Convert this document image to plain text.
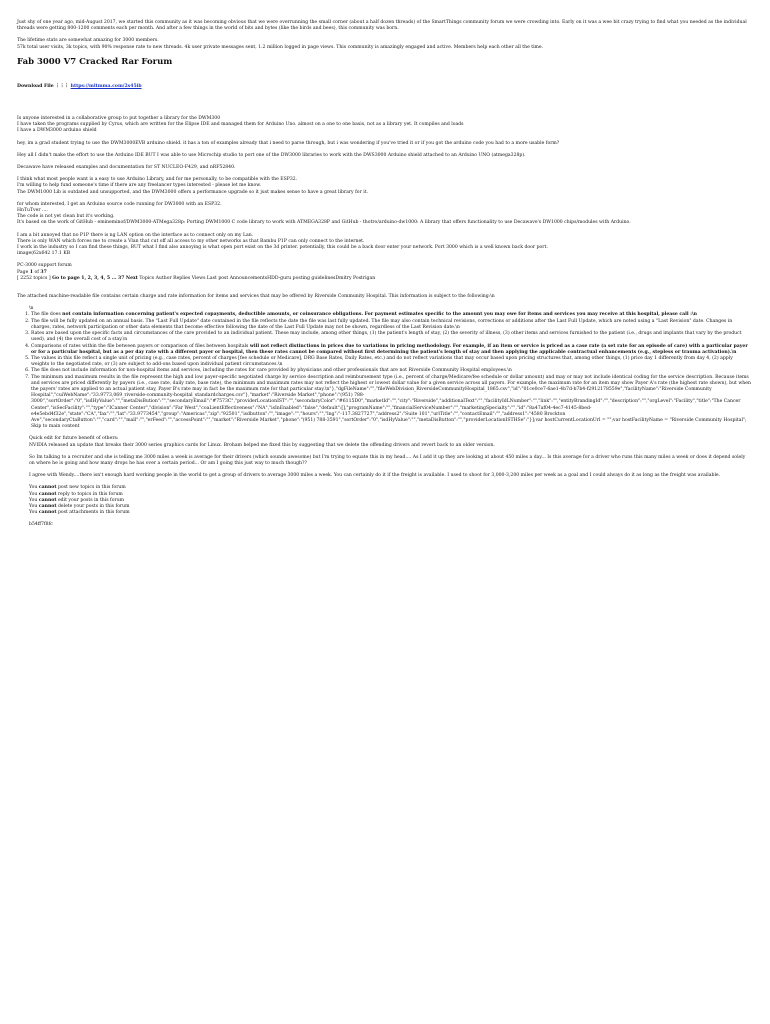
Just shy of one year ago, mid-August 2017, we started this community as it was becoming obvious that we were overrunning the small corner (about a half dozen threads) of the SmartThings community forum we were crowding into. Early on it was a wee bit crazy trying to find what you needed as the individual threads were getting 800-1200 comments each per month. And after a few things in the world of bits and bytes (like the birds and bees), this community was born.

The lifetime stats are somewhat amazing for 3000 members.

57k total user visits, 3k topics, with 90% response rate to new threads. 4k user private messages sent, 1.2 million logged in page views. This community is amazingly engaged and active. Members help each other all the time.

Fab 3000 V7 Cracked Rar Forum

Download File ⋮⋮⋮ https://mltmma.com/2s45ib

Is anyone interested in a collaborative group to put together a library for the DWM300

I have taken the programs supplied by Cyrus, which are written for the Elipse IDE and managed them for Arduino Uno. almost on a one to one basis, not as a library yet. It compiles and loads

I have a DWM3000 arduino shield

hey, im a grad student trying to use the DWM3000EVB arduino shield. it has a ton of examples already that i need to parse through, but i was wondering if you've tried it or if you got the arduino code you had to a more usable form?

Hey all I didn't make the effort to use the Arduino IDE BUT I was able to use Microchip studio to port one of the DW3000 libraries to work with the DWS3000 Arduino shield attached to an Arduino UNO (atmega328p).

Decawave have released examples and documentation for ST NUCLEO-F429, and nRF52840.

I think what most people want is a easy to use Arduino Library, and for me personally, to be compatible with the ESP32.

I'm willing to help fund someone's time if there are any freelancer types interested - please let me know.

The DWM1000 Lib is outdated and unsupported, and the DWM3000 offers a performance upgrade so it just makes sense to have a great library for it.

for whom interested, I get an Arduino source code running for DW3000 with an ESP32.

HnTuTver ....

The code is not yet clean but it's working.

It's based on the work of GitHub - emineminof/DWM3000-ATMega328p: Porting DWM1000 C code library to work with ATMEGA328P and GitHub - thotro/arduino-dw1000: A library that offers functionality to use Decawave's DW1000 chips/modules with Arduino.

I am a bit annoyed that no P1P there is ng LAN option on the interface as to connect only on my Lan.

There is only WAN which forces me to create a Vlan that cut off all access to my other networks as that Bambu P1P can only connect to the internet.

I work in the industry so I can find these things, BUT what I find also annoying is what open port exist on the 3d printer. potentially, this could be a back door enter your network. Port 3000 which is a well known back door port.

image(62x642 17.1 KB

PC-3000 support forum

Page 1 of 37

[ 2252 topics ] Go to page 1, 2, 3, 4, 5 ... 37 Next Topics Author Replies Views Last post AnnouncementsHDD-guru posting guidelinesDmitry Postrigan

The attached machine-readable file contains certain charge and rate information for items and services that may be offered by Riverside Community Hospital. This information is subject to the following:\n

\n

1. The file does not contain information concerning patient's expected copayments, deductible amounts, or coinsurance obligations. For payment estimates specific to the amount you may owe for items and services you may receive at this hospital, please call :\n
2. The file will be fully updated on an annual basis. The "Last Full Update" date contained in the file reflects the date the file was last fully updated. The file may also contain technical revisions, corrections or additions after the Last Full Update, which are noted using a "Last Revision" date. Changes in charges, rates, network participation or other data elements that become effective following the date of the Last Full Update may not be shown, regardless of the Last Revision date.\n
3. Rates are based upon the specific facts and circumstances of the care provided to an individual patient. These may include, among other things, (1) the patient's length of stay, (2) the severity of illness, (3) other items and services furnished to the patient (i.e., drugs and implants that vary by the product used), and (4) the overall cost of a stay.\n
4. Comparisons of rates within the file between payers or comparison of files between hospitals will not reflect distinctions in prices due to variations in pricing methodology. For example, if an item or service is priced as a case rate (a set rate for an episode of care) with a particular payer or for a particular hospital, but as a per day rate with a different payer or hospital, then these rates cannot be compared without first determining the patient's length of stay and then applying the applicable contractual enhancements (e.g., stepless or trauma activation).\n
5. The values in this file reflect a single unit of pricing (e.g., case rates, percent of charges [fee schedule or Medicare], DRG Base Rates, Daily Rates, etc.) and do not reflect variations that may occur based upon pricing structures that, among other things, (1) price day 1 differently from day 4, (2) apply weights to the negotiated rate, or (3) are subject to add-ons based upon individual patient circumstances.\n
6. The file does not include information for non-hospital items and services, including the rates for care provided by physicians and other professionals that are not Riverside Community Hospital employees.\n
7. The minimum and maximum results in the file represent the high and low payer-specific negotiated charge by service description and reimbursement type (i.e., percent of charge/Medicare/fee schedule or dollar amount) and may or may not include identical coding for the service description. Because items and services are priced differently by payers (i.e., case rate, daily rate, base rate), the minimum and maximum rates may not reflect the highest or lowest dollar value for a given service across all payers. For example, the maximum rate for an item may show Payer A's rate (the highest rate shown), but when the payers' rates are applied to an actual patient stay, Payer B's rate may in fact be the maximum rate for that particular stay.\n"},"dgFileName":"","fileWebDivision_RiversideCommunityHospital_1865.csv","id":"01ce0ce7-6ae1-4b7d-b7b4-f2912178559e","facilityName":"Riverside Community Hospital","cuiWebName":"33.9773,069_riverside-community-hospital_standardcharges.csv"},"market":"Riverside Market","phone":"(951) 788-3000","sortOrder":"0","isdHyValue":"","metaDisBution":"","secondaryEmail":"#7573C","providerLocationIST":"","secondaryColor":"#6115D0","marketId":"","city":"Riverside","additionalText":"","facilityIdLNumber":"","link":"","entityBrandingId":"","description":"","orgLevel":"Facility","title":"The Cancer Center","isSecFacility":"","type":"ICanner Center","division":"Far West","coaLientEffectiveness":"NA","isInEnabled":"false","default":[],"programName":"","financialServiceNumber":"","marketingSpecialty":"","id":"8a47af04-4ec7-4145-8bed-e4e5ebd4f32e","state":"CA","fax":"","lat":"33.9773454","group":"Americas","zip":"92501","isdbutton":"","image":"","hours":"","lng":"-117.3827727","address2":"Suite 101","urlTitle":"","contactEmail":"","address1":"4580 Brockton Ave","secondaryCtaButton":"","card":"","mall":"","erFeed":"","accessPoint":"","market":"Riverside Market","phone":"(951) 788-3591","sortOrder":"0","isdHyValue":"","metaDisButton":"","providerLocationISTHSe":"}];var hostCurrentLocationUrl = "";var hostFacilityName = "Riverside Community Hospital"; Skip to main content

Quick edit for future benefit of others:

NVIDIA released an update that breaks their 3000 series graphics cards for Linux. Broham helped me fixed this by suggesting that we delete the offending drivers and revert back to an older version.

So Im talking to a recruiter and she is telling me 3000 miles a week is average for their drivers (which sounds awesome) but I'm trying to equate this in my head.... As I add it up they are looking at about 450 miles a day... Is this average for a driver who runs this many miles a week or does it depend solely on where he is going and how many drops he has over a certain period... Or am I going this just way to much though??

I agree with Wendy....there isn't enough hard working people in the world to get a group of drivers to average 3000 miles a week. You can certainly do it if the freight is available. I used to shoot for 3,000-3,200 miles per week as a goal and I could always do it as long as the freight was available.

You cannot post new topics in this forum

You cannot reply to topics in this forum

You cannot edit your posts in this forum

You cannot delete your posts in this forum

You cannot post attachments in this forum

b54ff7f8fc
